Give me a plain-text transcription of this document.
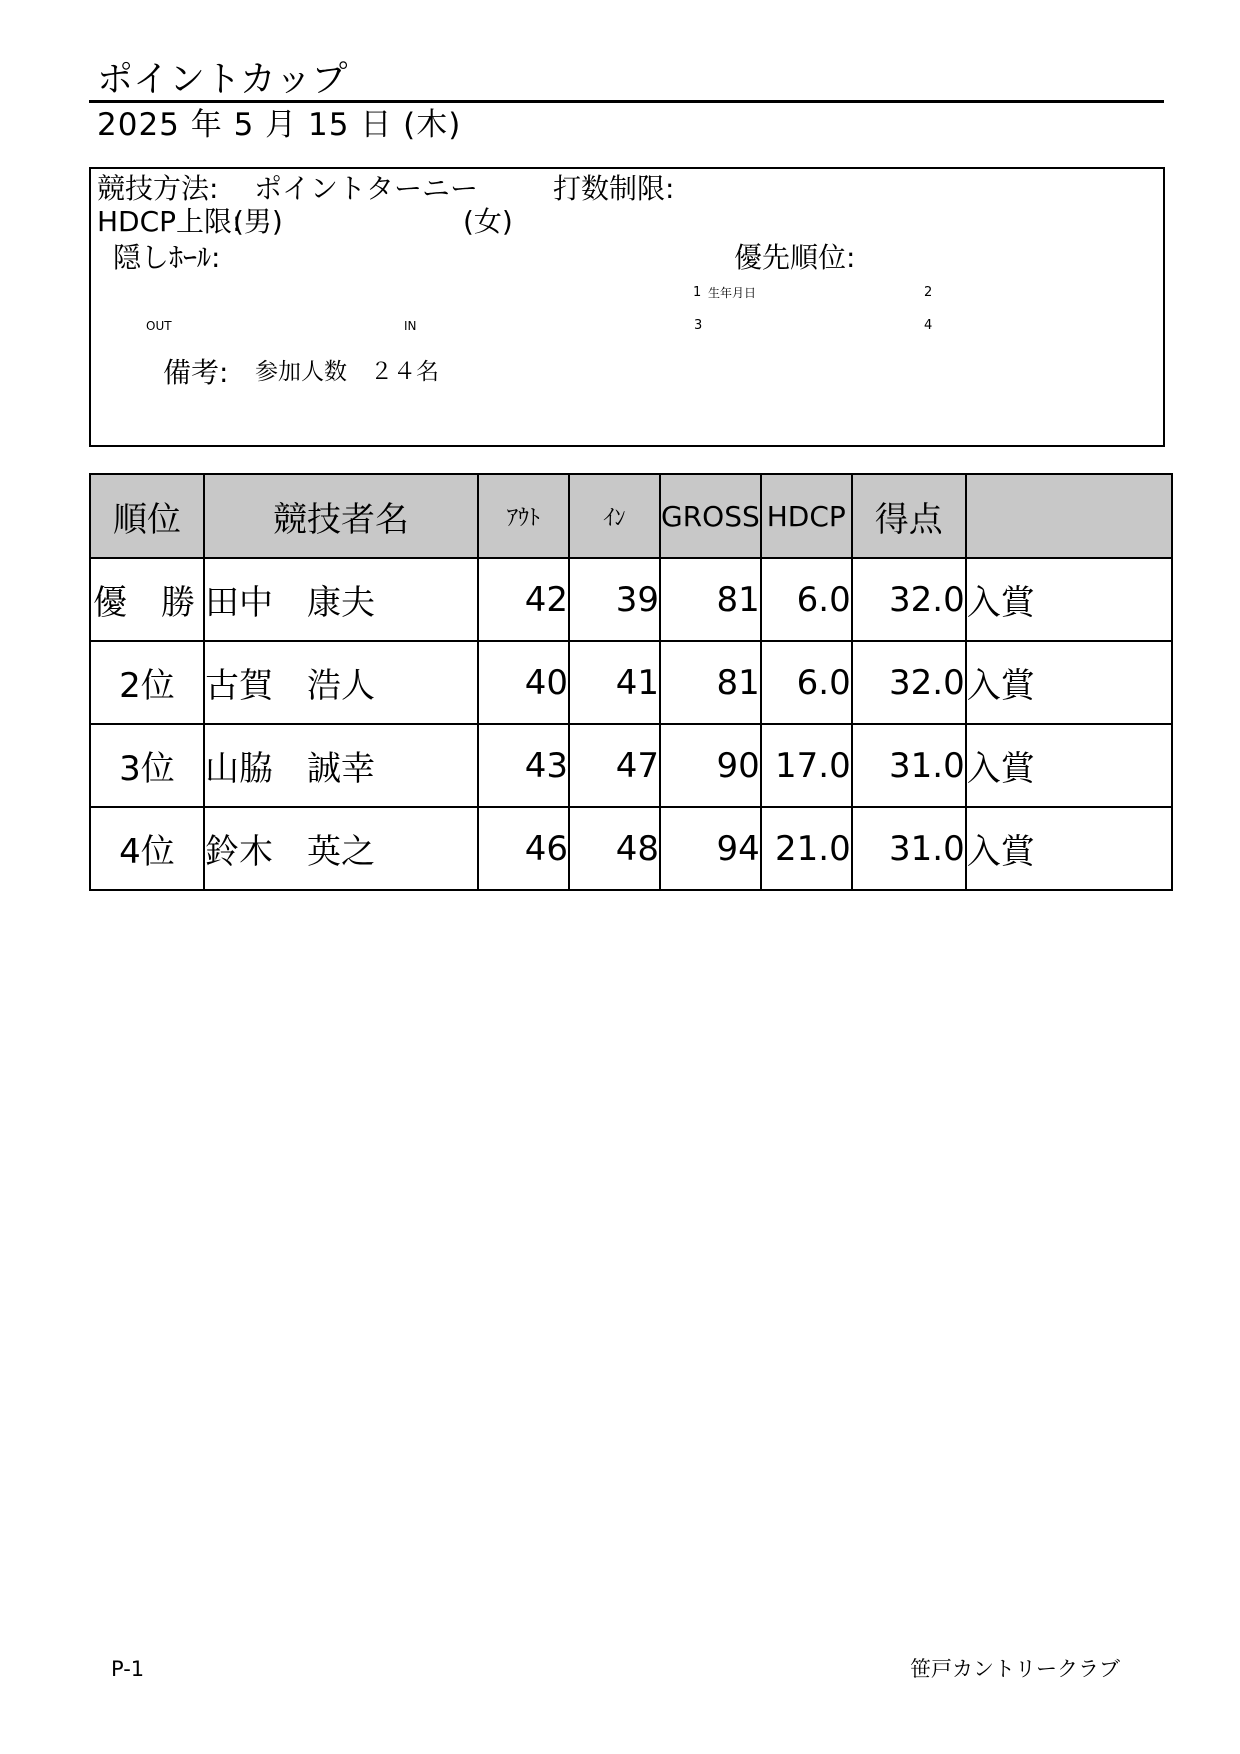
ポイントカップ
2025 年 5 月 15 日 (木)
競技方法: ポイントターニー	打数制限:
HDCP上限:
(男)	(女)
隠しﾎｰﾙ:	優先順位:
1 生年月日	2
OUT	IN	3	4
備考: 参加人数　２４名
順位	競技者名	ｱｳﾄ	ｲﾝ	GROSS	HDCP	得点	
優　勝	田中　康夫	42	39	81	6.0	32.0	入賞
2位	古賀　浩人	40	41	81	6.0	32.0	入賞
3位	山脇　誠幸	43	47	90	17.0	31.0	入賞
4位	鈴木　英之	46	48	94	21.0	31.0	入賞
P-1	笹戸カントリークラブ
